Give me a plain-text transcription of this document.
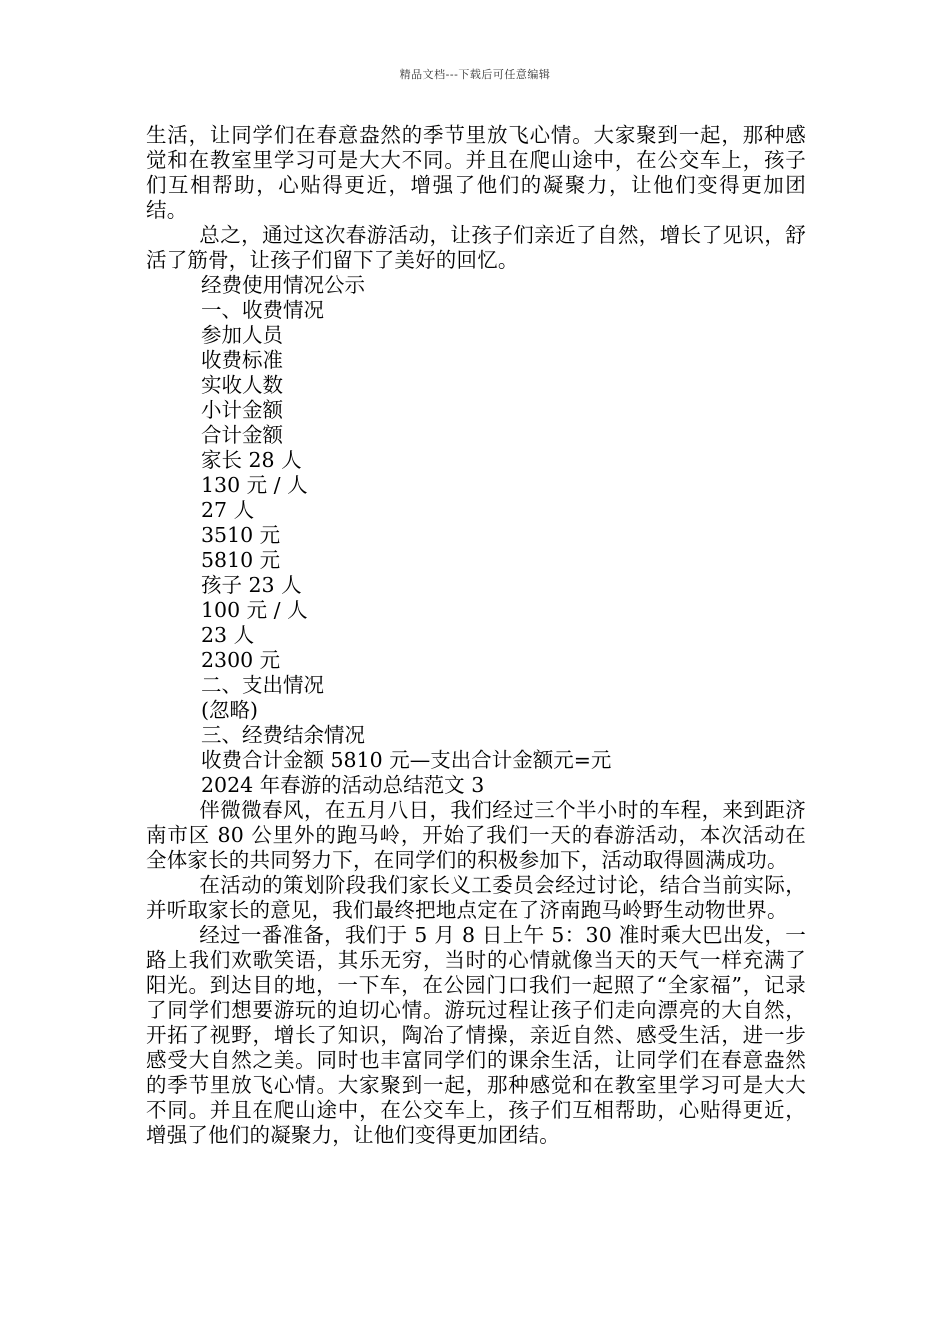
精品文档---下载后可任意编辑

生活，让同学们在春意盎然的季节里放飞心情。大家聚到一起，那种感觉和在教室里学习可是大大不同。并且在爬山途中，在公交车上，孩子们互相帮助，心贴得更近，增强了他们的凝聚力，让他们变得更加团结。

总之，通过这次春游活动，让孩子们亲近了自然，增长了见识，舒活了筋骨，让孩子们留下了美好的回忆。

经费使用情况公示
一、收费情况
参加人员
收费标准
实收人数
小计金额
合计金额
家长 28 人
130 元 / 人
27 人
3510 元
5810 元
孩子 23 人
100 元 / 人
23 人
2300 元
二、支出情况
(忽略)
三、经费结余情况
收费合计金额 5810 元—支出合计金额元=元
2024 年春游的活动总结范文 3

伴微微春风，在五月八日，我们经过三个半小时的车程，来到距济南市区 80 公里外的跑马岭，开始了我们一天的春游活动，本次活动在全体家长的共同努力下，在同学们的积极参加下，活动取得圆满成功。

在活动的策划阶段我们家长义工委员会经过讨论，结合当前实际，并听取家长的意见，我们最终把地点定在了济南跑马岭野生动物世界。

经过一番准备，我们于 5 月 8 日上午 5：30 准时乘大巴出发，一路上我们欢歌笑语，其乐无穷，当时的心情就像当天的天气一样充满了阳光。到达目的地，一下车，在公园门口我们一起照了“全家福”，记录了同学们想要游玩的迫切心情。游玩过程让孩子们走向漂亮的大自然，开拓了视野，增长了知识，陶冶了情操，亲近自然、感受生活，进一步感受大自然之美。同时也丰富同学们的课余生活，让同学们在春意盎然的季节里放飞心情。大家聚到一起，那种感觉和在教室里学习可是大大不同。并且在爬山途中，在公交车上，孩子们互相帮助，心贴得更近，增强了他们的凝聚力，让他们变得更加团结。
